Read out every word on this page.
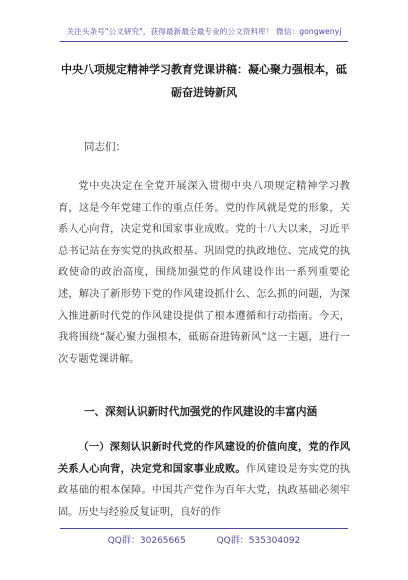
关注头条号"公文研究"，获得最新最全最专业的公文资料库！ 微信：gongwenyj
中央八项规定精神学习教育党课讲稿：凝心聚力强根本，砥砺奋进铸新风
同志们：
党中央决定在全党开展深入贯彻中央八项规定精神学习教育，这是今年党建工作的重点任务。党的作风就是党的形象，关系人心向背，决定党和国家事业成败。党的十八大以来，习近平总书记站在夯实党的执政根基、巩固党的执政地位、完成党的执政使命的政治高度，围绕加强党的作风建设作出一系列重要论述，解决了新形势下党的作风建设抓什么、怎么抓的问题，为深入推进新时代党的作风建设提供了根本遵循和行动指南。今天，我将围绕“凝心聚力强根本，砥砺奋进铸新风”这一主题，进行一次专题党课讲解。
一、深刻认识新时代加强党的作风建设的丰富内涵
（一）深刻认识新时代党的作风建设的价值向度，党的作风关系人心向背，决定党和国家事业成败。作风建设是夯实党的执政基础的根本保障。中国共产党作为百年大党，执政基础必须牢固。历史与经验反复证明，良好的作
QQ群：30265665	QQ群：535304092
